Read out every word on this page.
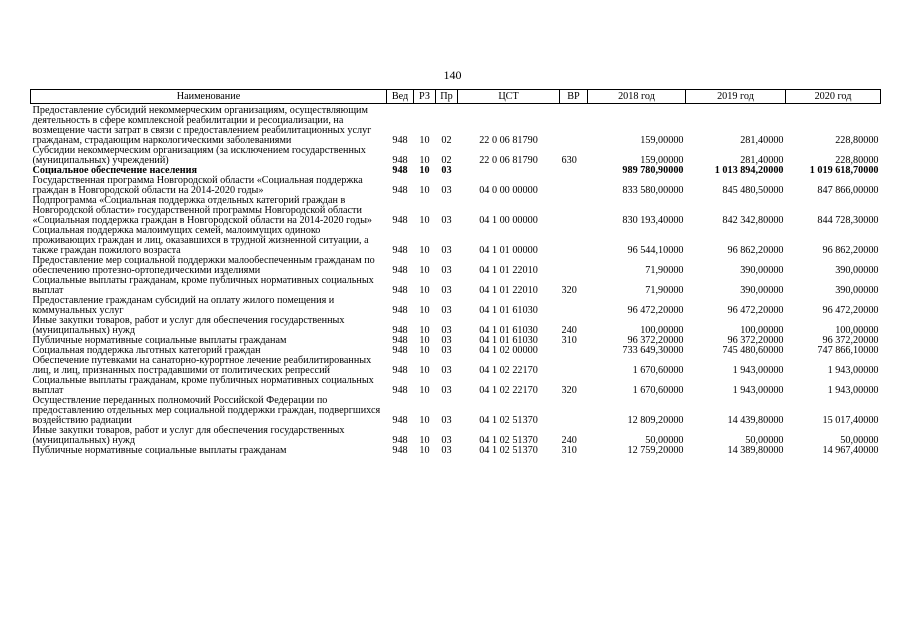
140
Наименование	Вед	РЗ	Пр	ЦСТ	ВР	2018 год	2019 год	2020 год
Предоставление субсидий некоммерческим организациям, осуществляющим деятельность в сфере комплексной реабилитации и ресоциализации, на возмещение части затрат в связи с предоставлением реабилитационных услуг гражданам, страдающим наркологическими заболеваниями	948	10	02	22 0 06 81790		159,00000	281,40000	228,80000
Субсидии некоммерческим организациям (за исключением государственных (муниципальных) учреждений)	948	10	02	22 0 06 81790	630	159,00000	281,40000	228,80000
Социальное обеспечение населения	948	10	03			989 780,90000	1 013 894,20000	1 019 618,70000
Государственная программа Новгородской области «Социальная поддержка граждан в Новгородской области на 2014-2020 годы»	948	10	03	04 0 00 00000		833 580,00000	845 480,50000	847 866,00000
Подпрограмма «Социальная поддержка отдельных категорий граждан в Новгородской области» государственной программы Новгородской области «Социальная поддержка граждан в Новгородской области на 2014-2020 годы»	948	10	03	04 1 00 00000		830 193,40000	842 342,80000	844 728,30000
Социальная поддержка малоимущих семей, малоимущих одиноко проживающих граждан и лиц, оказавшихся в трудной жизненной ситуации, а также граждан пожилого возраста	948	10	03	04 1 01 00000		96 544,10000	96 862,20000	96 862,20000
Предоставление мер социальной поддержки малообеспеченным гражданам по обеспечению протезно-ортопедическими изделиями	948	10	03	04 1 01 22010		71,90000	390,00000	390,00000
Социальные выплаты гражданам, кроме публичных нормативных социальных выплат	948	10	03	04 1 01 22010	320	71,90000	390,00000	390,00000
Предоставление гражданам субсидий на оплату жилого помещения и коммунальных услуг	948	10	03	04 1 01 61030		96 472,20000	96 472,20000	96 472,20000
Иные закупки товаров, работ и услуг для обеспечения государственных (муниципальных) нужд	948	10	03	04 1 01 61030	240	100,00000	100,00000	100,00000
Публичные нормативные социальные выплаты гражданам	948	10	03	04 1 01 61030	310	96 372,20000	96 372,20000	96 372,20000
Социальная поддержка льготных категорий граждан	948	10	03	04 1 02 00000		733 649,30000	745 480,60000	747 866,10000
Обеспечение путевками на санаторно-курортное лечение реабилитированных лиц, и лиц, признанных пострадавшими от политических репрессий	948	10	03	04 1 02 22170		1 670,60000	1 943,00000	1 943,00000
Социальные выплаты гражданам, кроме публичных нормативных социальных выплат	948	10	03	04 1 02 22170	320	1 670,60000	1 943,00000	1 943,00000
Осуществление переданных полномочий Российской Федерации по предоставлению отдельных мер социальной поддержки граждан, подвергшихся воздействию радиации	948	10	03	04 1 02 51370		12 809,20000	14 439,80000	15 017,40000
Иные закупки товаров, работ и услуг для обеспечения государственных (муниципальных) нужд	948	10	03	04 1 02 51370	240	50,00000	50,00000	50,00000
Публичные нормативные социальные выплаты гражданам	948	10	03	04 1 02 51370	310	12 759,20000	14 389,80000	14 967,40000
